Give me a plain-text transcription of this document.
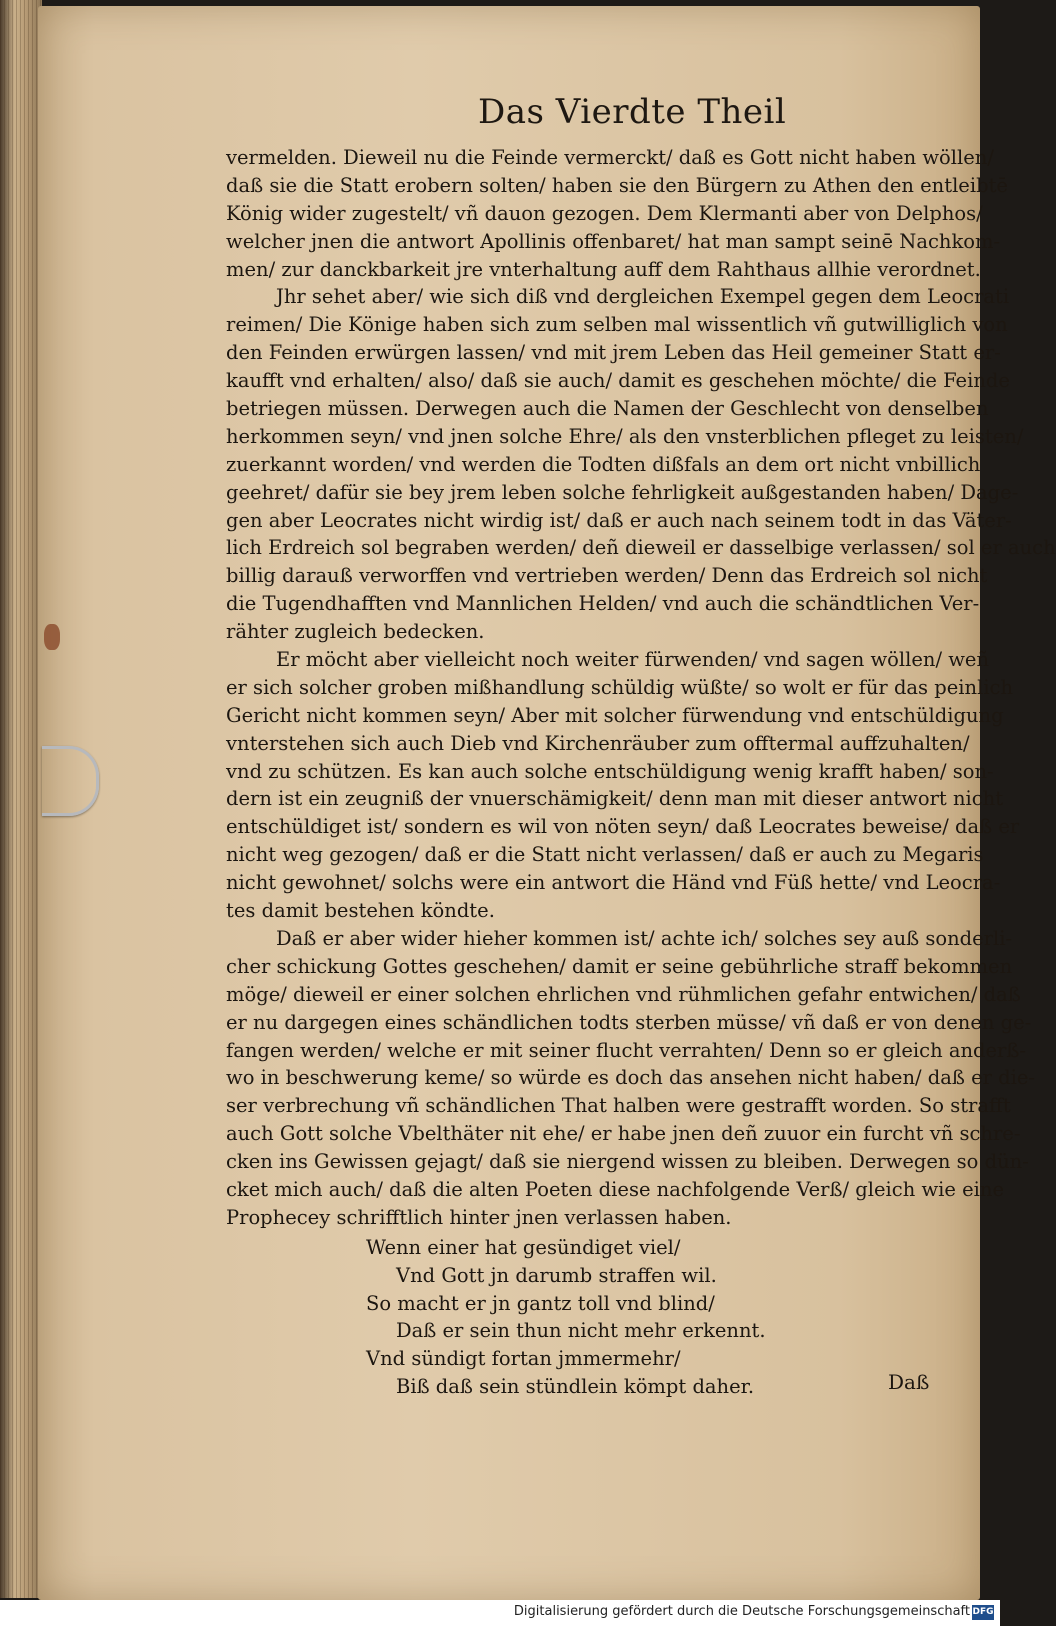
Das Vierdte Theil
vermelden. Dieweil nu die Feinde vermerckt/ daß es Gott nicht haben wöllen/
daß sie die Statt erobern solten/ haben sie den Bürgern zu Athen den entleibtē
König wider zugestelt/ vñ dauon gezogen. Dem Klermanti aber von Delphos/
welcher jnen die antwort Apollinis offenbaret/ hat man sampt seinē Nachkom-
men/ zur danckbarkeit jre vnterhaltung auff dem Rahthaus allhie verordnet.
Jhr sehet aber/ wie sich diß vnd dergleichen Exempel gegen dem Leocrati
reimen/ Die Könige haben sich zum selben mal wissentlich vñ gutwilliglich von
den Feinden erwürgen lassen/ vnd mit jrem Leben das Heil gemeiner Statt er-
kaufft vnd erhalten/ also/ daß sie auch/ damit es geschehen möchte/ die Feinde
betriegen müssen. Derwegen auch die Namen der Geschlecht von denselben
herkommen seyn/ vnd jnen solche Ehre/ als den vnsterblichen pfleget zu leisten/
zuerkannt worden/ vnd werden die Todten dißfals an dem ort nicht vnbillich
geehret/ dafür sie bey jrem leben solche fehrligkeit außgestanden haben/ Dage-
gen aber Leocrates nicht wirdig ist/ daß er auch nach seinem todt in das Väter-
lich Erdreich sol begraben werden/ deñ dieweil er dasselbige verlassen/ sol er auch
billig darauß verworffen vnd vertrieben werden/ Denn das Erdreich sol nicht
die Tugendhafften vnd Mannlichen Helden/ vnd auch die schändtlichen Ver-
rähter zugleich bedecken.
Er möcht aber vielleicht noch weiter fürwenden/ vnd sagen wöllen/ weñ
er sich solcher groben mißhandlung schüldig wüßte/ so wolt er für das peinlich
Gericht nicht kommen seyn/ Aber mit solcher fürwendung vnd entschüldigung
vnterstehen sich auch Dieb vnd Kirchenräuber zum offtermal auffzuhalten/
vnd zu schützen. Es kan auch solche entschüldigung wenig krafft haben/ son-
dern ist ein zeugniß der vnuerschämigkeit/ denn man mit dieser antwort nicht
entschüldiget ist/ sondern es wil von nöten seyn/ daß Leocrates beweise/ daß er
nicht weg gezogen/ daß er die Statt nicht verlassen/ daß er auch zu Megaris
nicht gewohnet/ solchs were ein antwort die Händ vnd Füß hette/ vnd Leocra-
tes damit bestehen köndte.
Daß er aber wider hieher kommen ist/ achte ich/ solches sey auß sonderli-
cher schickung Gottes geschehen/ damit er seine gebührliche straff bekommen
möge/ dieweil er einer solchen ehrlichen vnd rühmlichen gefahr entwichen/ daß
er nu dargegen eines schändlichen todts sterben müsse/ vñ daß er von denen ge-
fangen werden/ welche er mit seiner flucht verrahten/ Denn so er gleich anderß-
wo in beschwerung keme/ so würde es doch das ansehen nicht haben/ daß er die-
ser verbrechung vñ schändlichen That halben were gestrafft worden. So strafft
auch Gott solche Vbelthäter nit ehe/ er habe jnen deñ zuuor ein furcht vñ schre-
cken ins Gewissen gejagt/ daß sie niergend wissen zu bleiben. Derwegen so dün-
cket mich auch/ daß die alten Poeten diese nachfolgende Verß/ gleich wie eine
Prophecey schrifftlich hinter jnen verlassen haben.
Wenn einer hat gesündiget viel/
Vnd Gott jn darumb straffen wil.
So macht er jn gantz toll vnd blind/
Daß er sein thun nicht mehr erkennt.
Vnd sündigt fortan jmmermehr/
Biß daß sein stündlein kömpt daher.	Daß
Digitalisierung gefördert durch die Deutsche Forschungsgemeinschaft DFG
